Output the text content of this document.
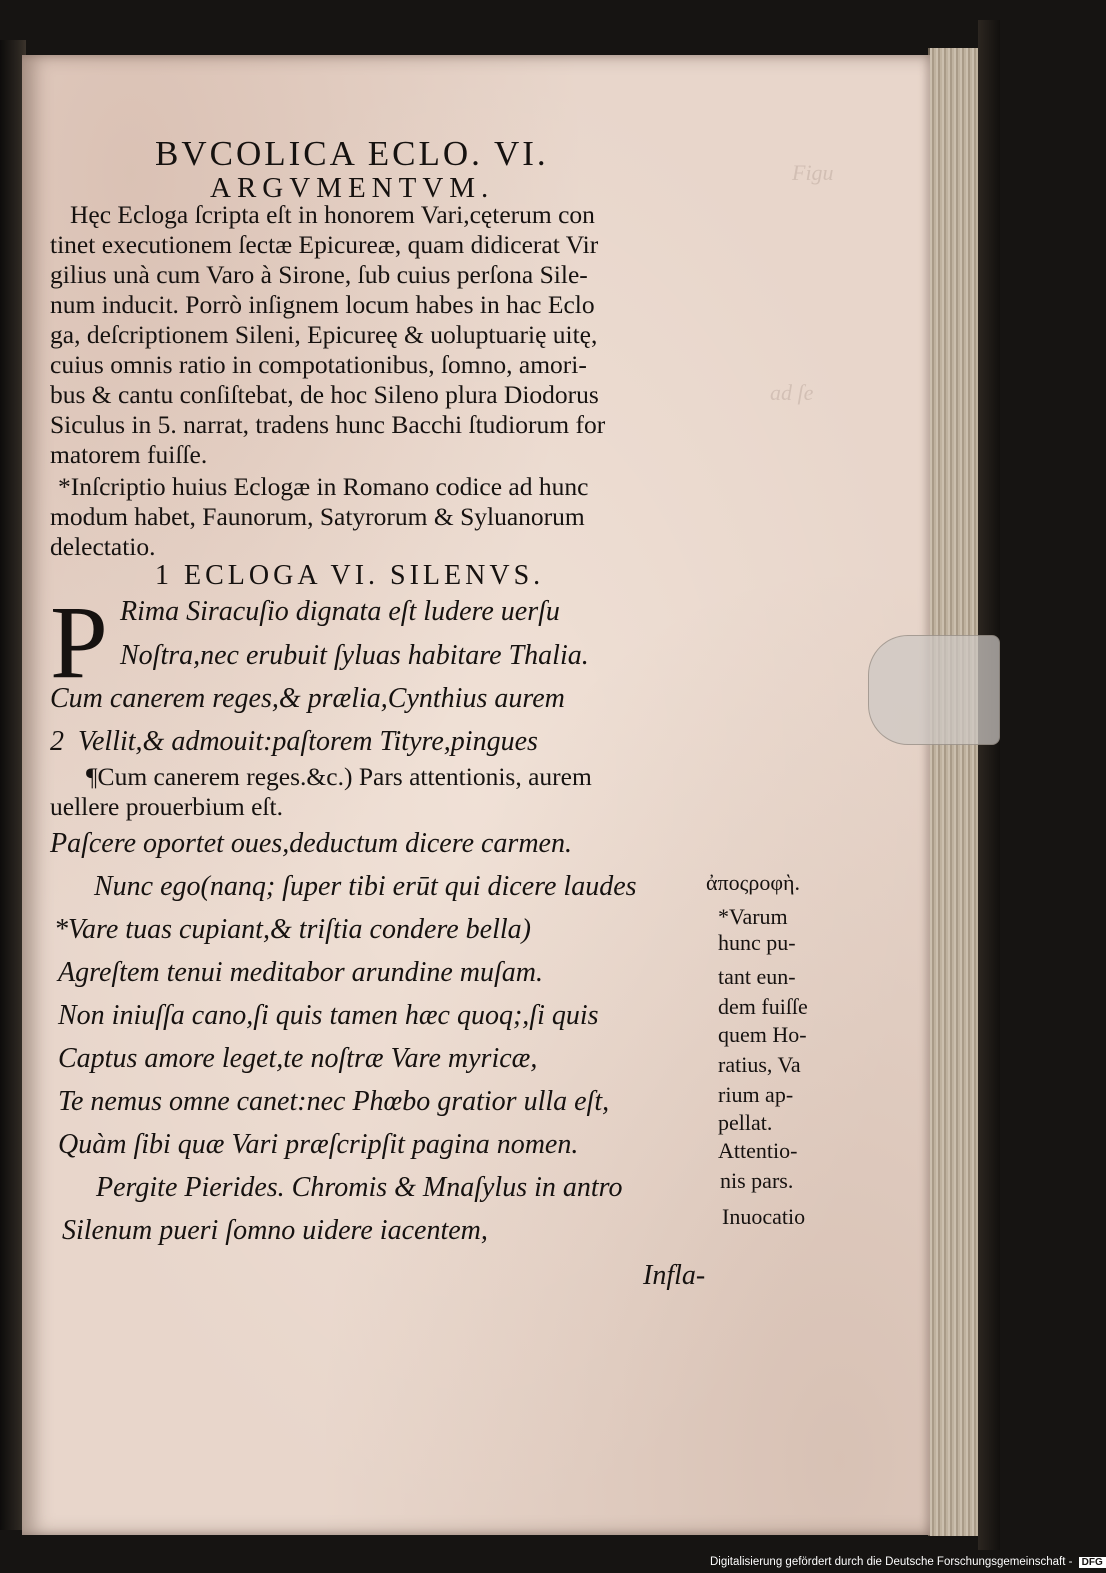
Figu
ad ſe

BVCOLICA ECLO. VI.

ARGVMENTVM.

Hęc Ecloga ſcripta eſt in honorem Vari,cęterum con

tinet executionem ſectæ Epicureæ, quam didicerat Vir

gilius unà cum Varo à Sirone, ſub cuius perſona Sile-

num inducit. Porrò inſignem locum habes in hac Eclo

ga, deſcriptionem Sileni, Epicureę & uoluptuarię uitę,

cuius omnis ratio in compotationibus, ſomno, amori-

bus & cantu conſiſtebat, de hoc Sileno plura Diodorus

Siculus in 5. narrat, tradens hunc Bacchi ſtudiorum for

matorem fuiſſe.

*Inſcriptio huius Eclogæ in Romano codice ad hunc

modum habet, Faunorum, Satyrorum & Syluanorum

delectatio.

1 ECLOGA VI. SILENVS.

P Rima Siracuſio dignata eſt ludere uerſu

Noſtra,nec erubuit ſyluas habitare Thalia.

Cum canerem reges,& prælia,Cynthius aurem

2  Vellit,& admouit:paſtorem Tityre,pingues

¶Cum canerem reges.&c.) Pars attentionis, aurem

uellere prouerbium eſt.

Paſcere oportet oues,deductum dicere carmen.

Nunc ego(nanq; ſuper tibi erūt qui dicere laudes

*Vare tuas cupiant,& triſtia condere bella)

Agreſtem tenui meditabor arundine muſam.

Non iniuſſa cano,ſi quis tamen hæc quoq;,ſi quis

Captus amore leget,te noſtræ Vare myricæ,

Te nemus omne canet:nec Phœbo gratior ulla eſt,

Quàm ſibi quæ Vari præſcripſit pagina nomen.

Pergite Pierides. Chromis & Mnaſylus in antro

Silenum pueri ſomno uidere iacentem,

Infla-

ἀποςροφὴ.

*Varum

hunc pu-

tant eun-

dem fuiſſe

quem Ho-

ratius, Va

rium ap-

pellat.

Attentio-

nis pars.

Inuocatio

Digitalisierung gefördert durch die Deutsche Forschungsgemeinschaft - DFG
